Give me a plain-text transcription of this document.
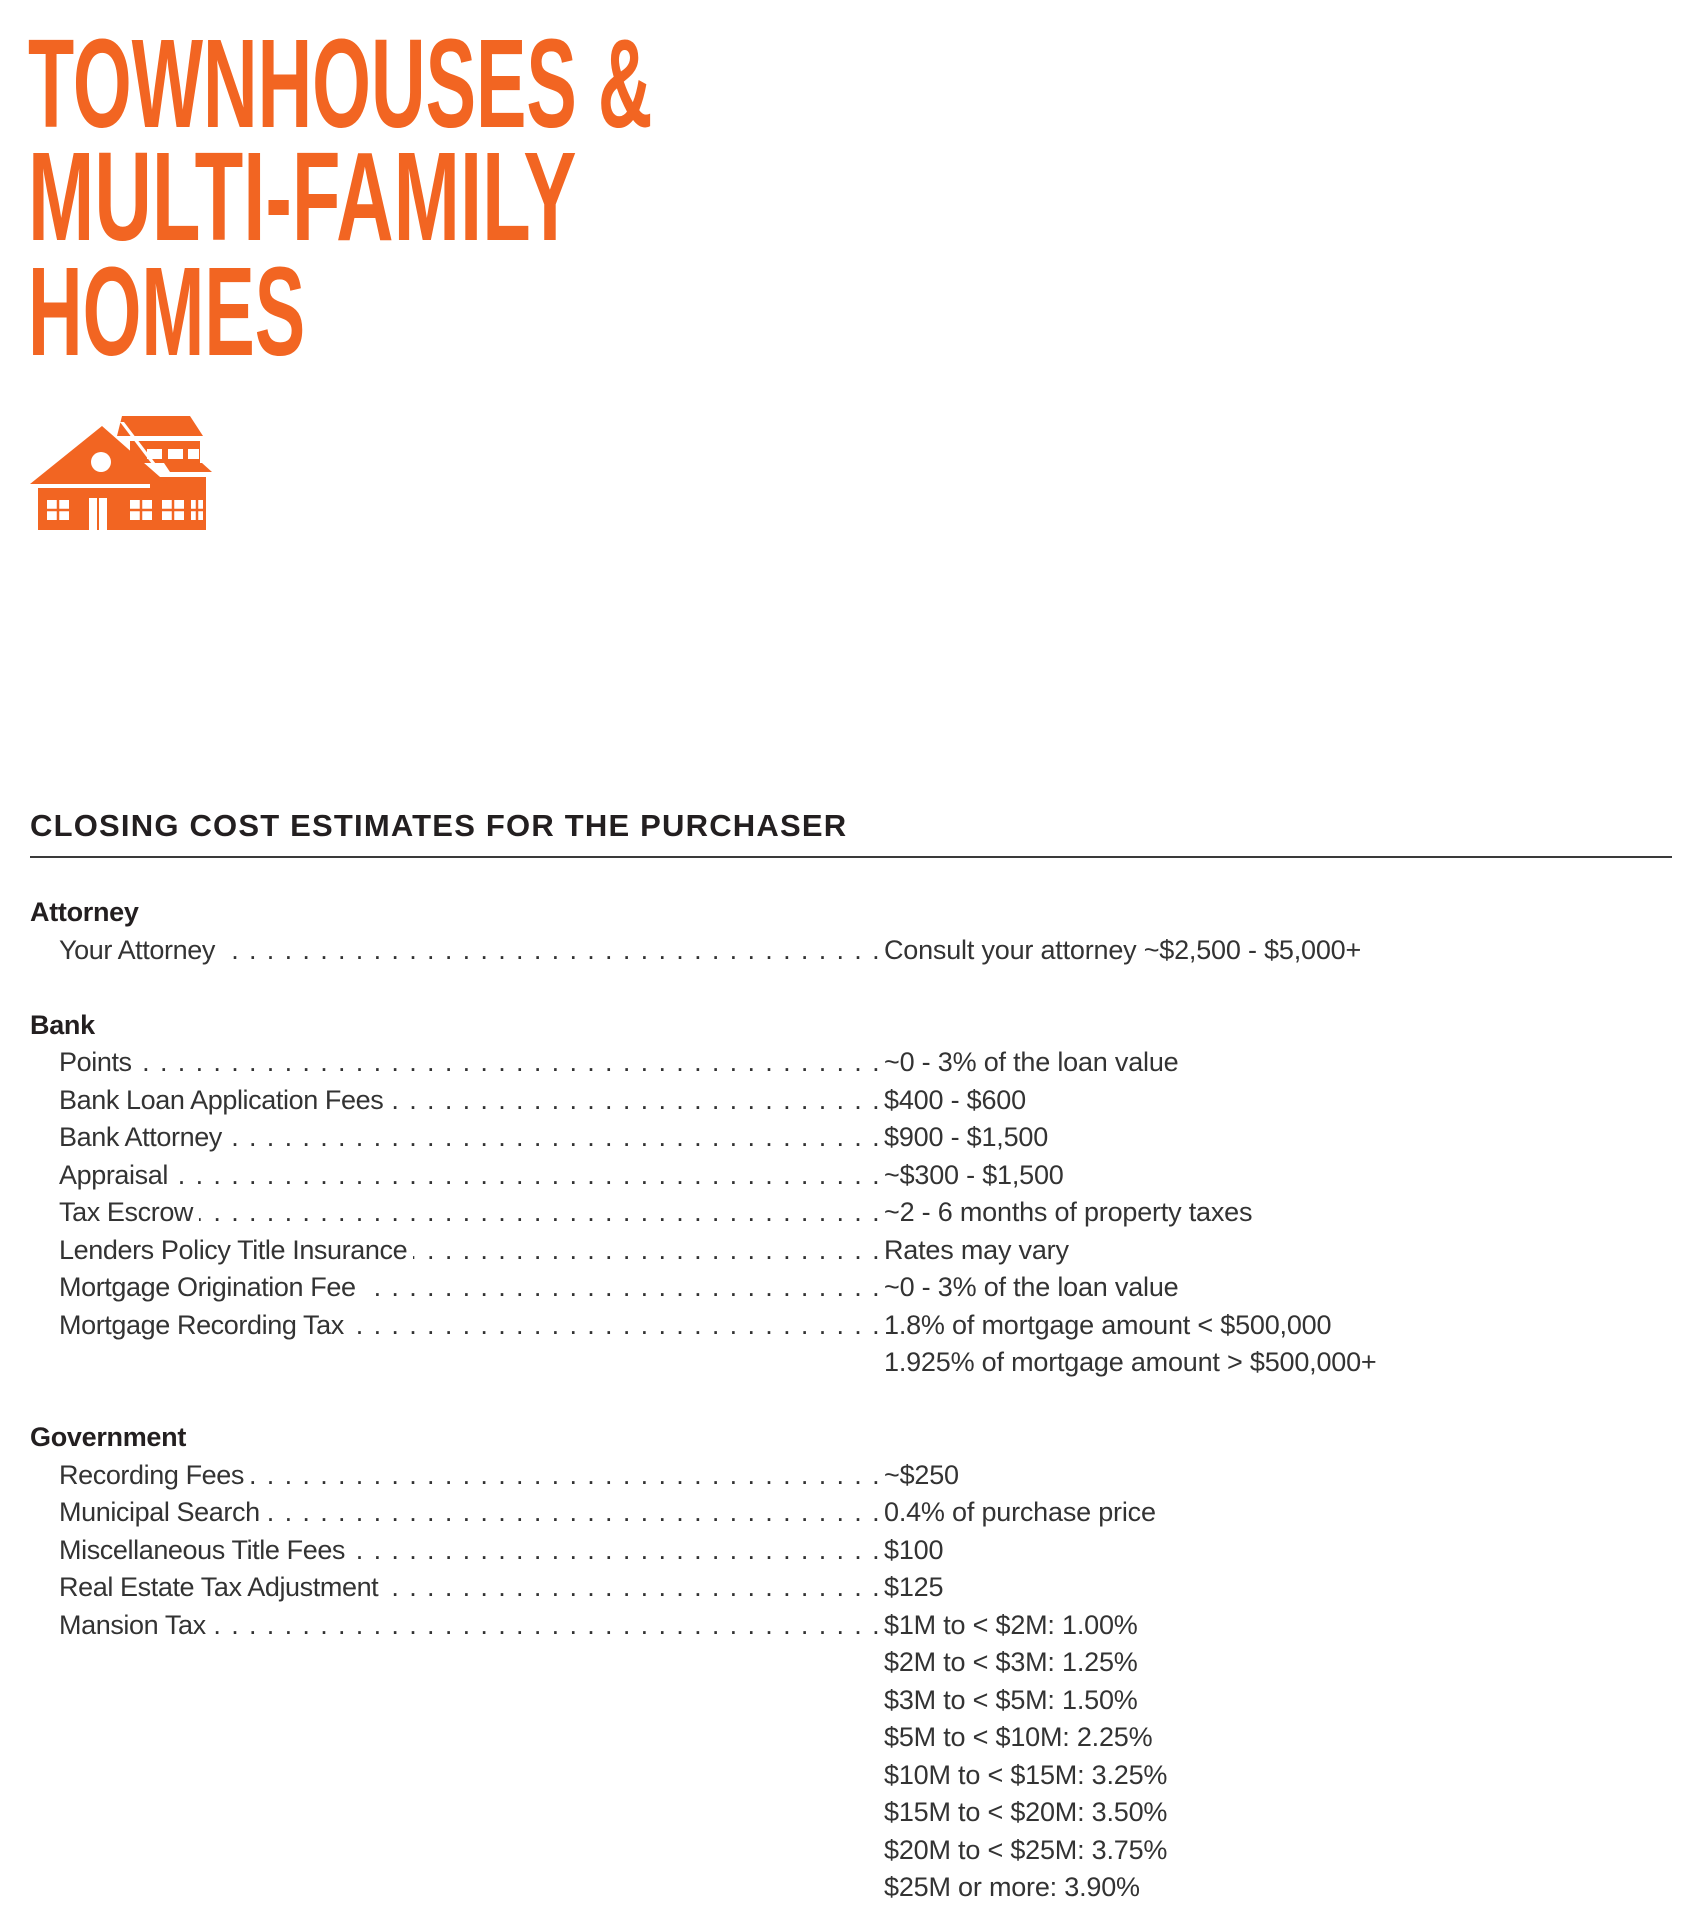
TOWNHOUSES &
MULTI-FAMILY
HOMES
CLOSING COST ESTIMATES FOR THE PURCHASER
Attorney
. . .
Your Attorney	Consult your attorney ~$2,500 - $5,000+
Bank
. . .
Points	~0 - 3% of the loan value
. . .
Bank Loan Application Fees	$400 - $600
. . .
Bank Attorney	$900 - $1,500
. . .
Appraisal	~$300 - $1,500
. . .
Tax Escrow	~2 - 6 months of property taxes
. . .
Lenders Policy Title Insurance	Rates may vary
. . .
Mortgage Origination Fee	~0 - 3% of the loan value
. . .
Mortgage Recording Tax	1.8% of mortgage amount < $500,000
1.925% of mortgage amount > $500,000+
Government
. . .
Recording Fees	~$250
. . .
Municipal Search	0.4% of purchase price
. . .
Miscellaneous Title Fees	$100
. . .
Real Estate Tax Adjustment	$125
. . .
Mansion Tax	$1M to < $2M: 1.00%
$2M to < $3M: 1.25%
$3M to < $5M: 1.50%
$5M to < $10M: 2.25%
$10M to < $15M: 3.25%
$15M to < $20M: 3.50%
$20M to < $25M: 3.75%
$25M or more: 3.90%
